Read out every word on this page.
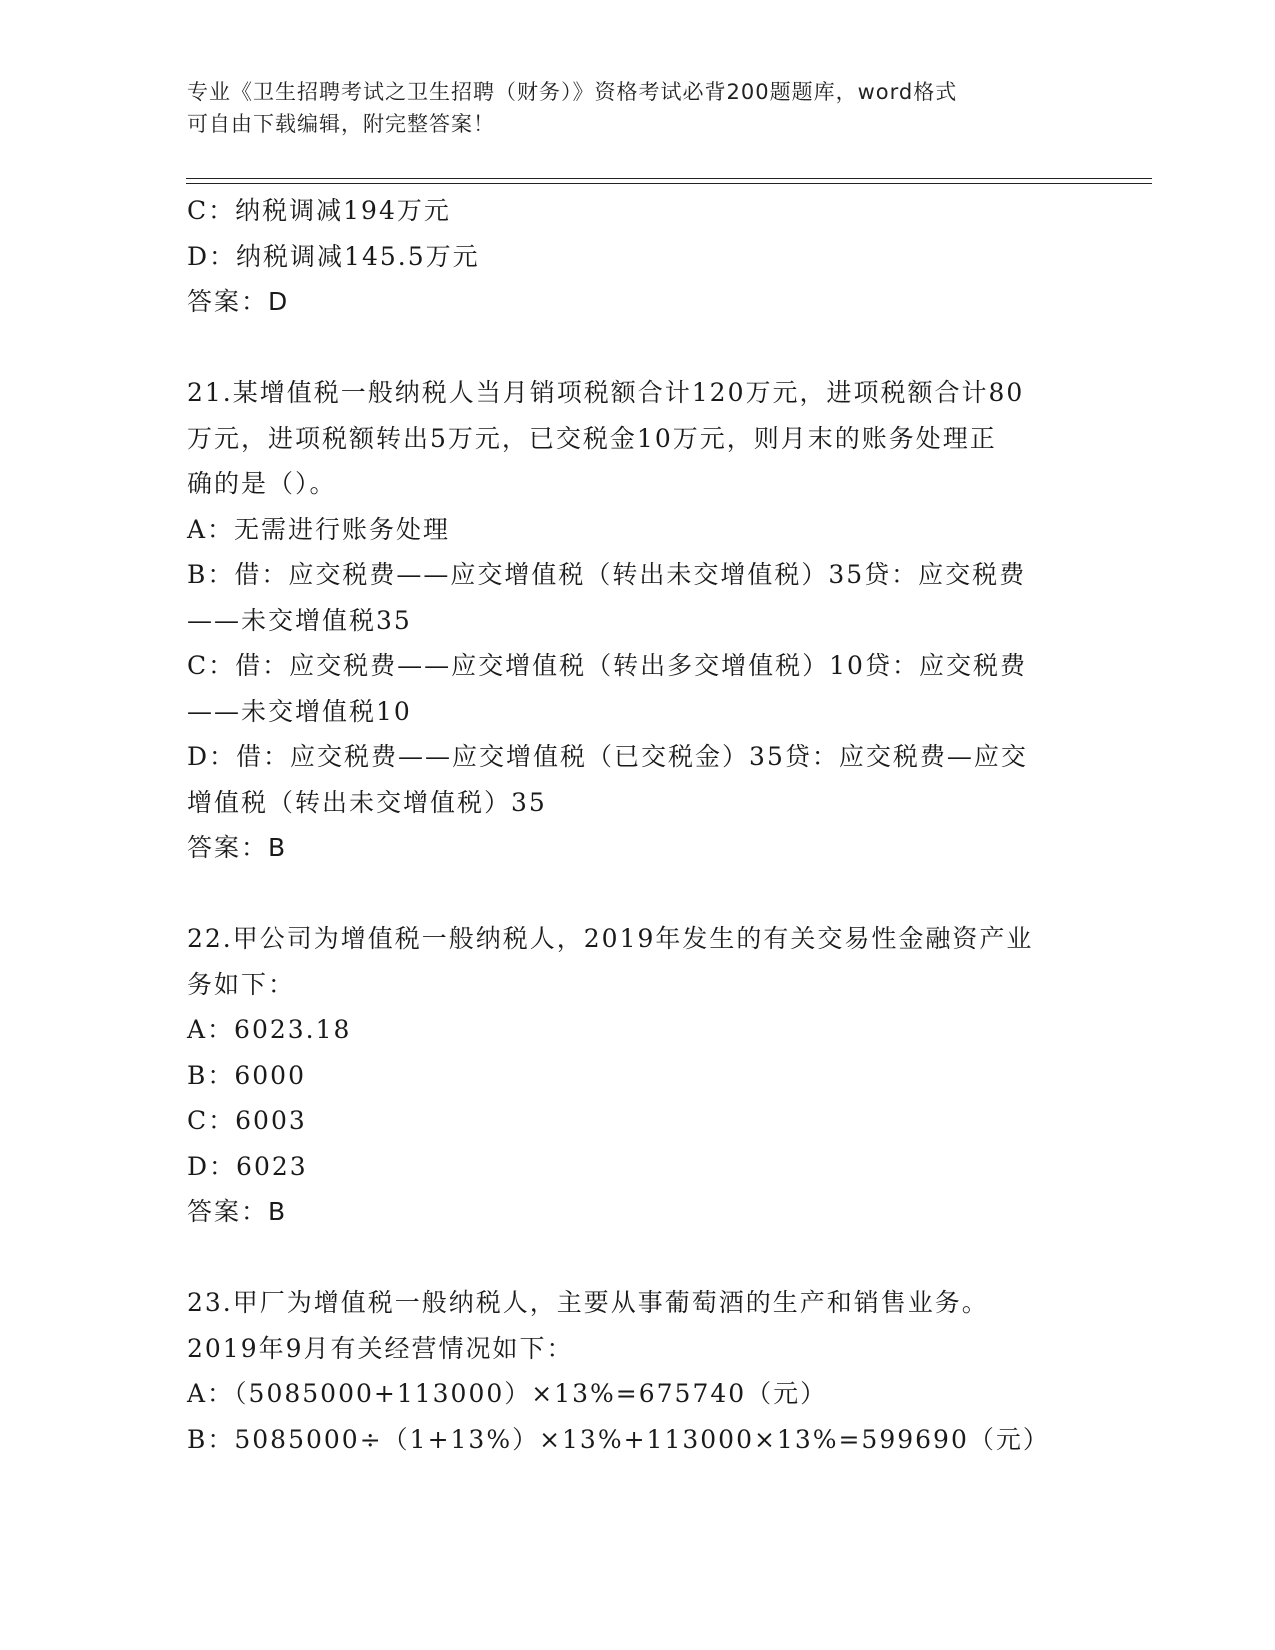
专业《卫生招聘考试之卫生招聘（财务）》资格考试必背200题题库，word格式
可自由下载编辑，附完整答案！
C：纳税调减194万元
D：纳税调减145.5万元
答案：D
21.某增值税一般纳税人当月销项税额合计120万元，进项税额合计80
万元，进项税额转出5万元，已交税金10万元，则月末的账务处理正
确的是（）。
A：无需进行账务处理
B：借：应交税费——应交增值税（转出未交增值税）35贷：应交税费
——未交增值税35
C：借：应交税费——应交增值税（转出多交增值税）10贷：应交税费
——未交增值税10
D：借：应交税费——应交增值税（已交税金）35贷：应交税费—应交
增值税（转出未交增值税）35
答案：B
22.甲公司为增值税一般纳税人，2019年发生的有关交易性金融资产业
务如下：
A：6023.18
B：6000
C：6003
D：6023
答案：B
23.甲厂为增值税一般纳税人，主要从事葡萄酒的生产和销售业务。
2019年9月有关经营情况如下：
A：（5085000+113000）×13%=675740（元）
B：5085000÷（1+13%）×13%+113000×13%=599690（元）
